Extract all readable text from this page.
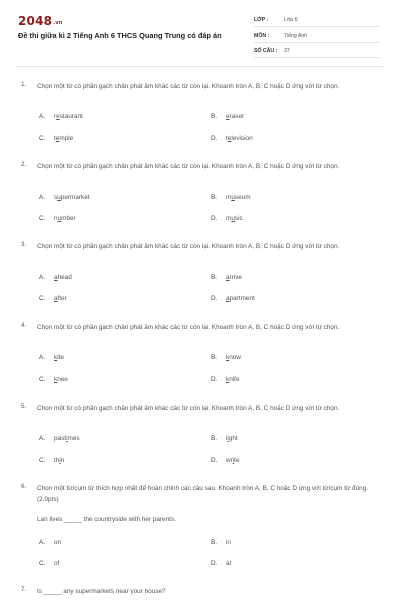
$2048^{.vn}$
Đề thi giữa kì 2 Tiếng Anh 6 THCS Quang Trung có đáp án
LỚP :	Lớp 6
MÔN :	Tiếng Anh
SỐ CÂU : 37
1. Chọn một từ có phần gạch chân phát âm khác các từ còn lại. Khoanh tròn A, B, C hoặc D ứng với từ chọn.
A. restaurant	B. eraser
C. temple	D. television
2. Chọn một từ có phần gạch chân phát âm khác các từ còn lại. Khoanh tròn A, B, C hoặc D ứng với từ chọn.
A. supermarket	B. museum
C. number	D. music
3. Chọn một từ có phần gạch chân phát âm khác các từ còn lại. Khoanh tròn A, B, C hoặc D ứng với từ chọn.
A. ahead	B. arrive
C. after	D. apartment
4. Chọn một từ có phần gạch chân phát âm khác các từ còn lại. Khoanh tròn A, B, C hoặc D ứng với từ chọn.
A. kite	B. know
C. knee	D. knife
5. Chọn một từ có phần gạch chân phát âm khác các từ còn lại. Khoanh tròn A, B, C hoặc D ứng với từ chọn.
A. pastimes	B. light
C. thin	D. write
6. Chọn một từ/cụm từ thích hợp nhất để hoàn chỉnh các câu sau. Khoanh tròn A, B, C hoặc D ứng với từ/cụm từ đúng. (2.0pts)
Lan lives _____ the countryside with her parents.
A. on	B. in
C. of	D. at
7. Is _____ any supermarkets near your house?
